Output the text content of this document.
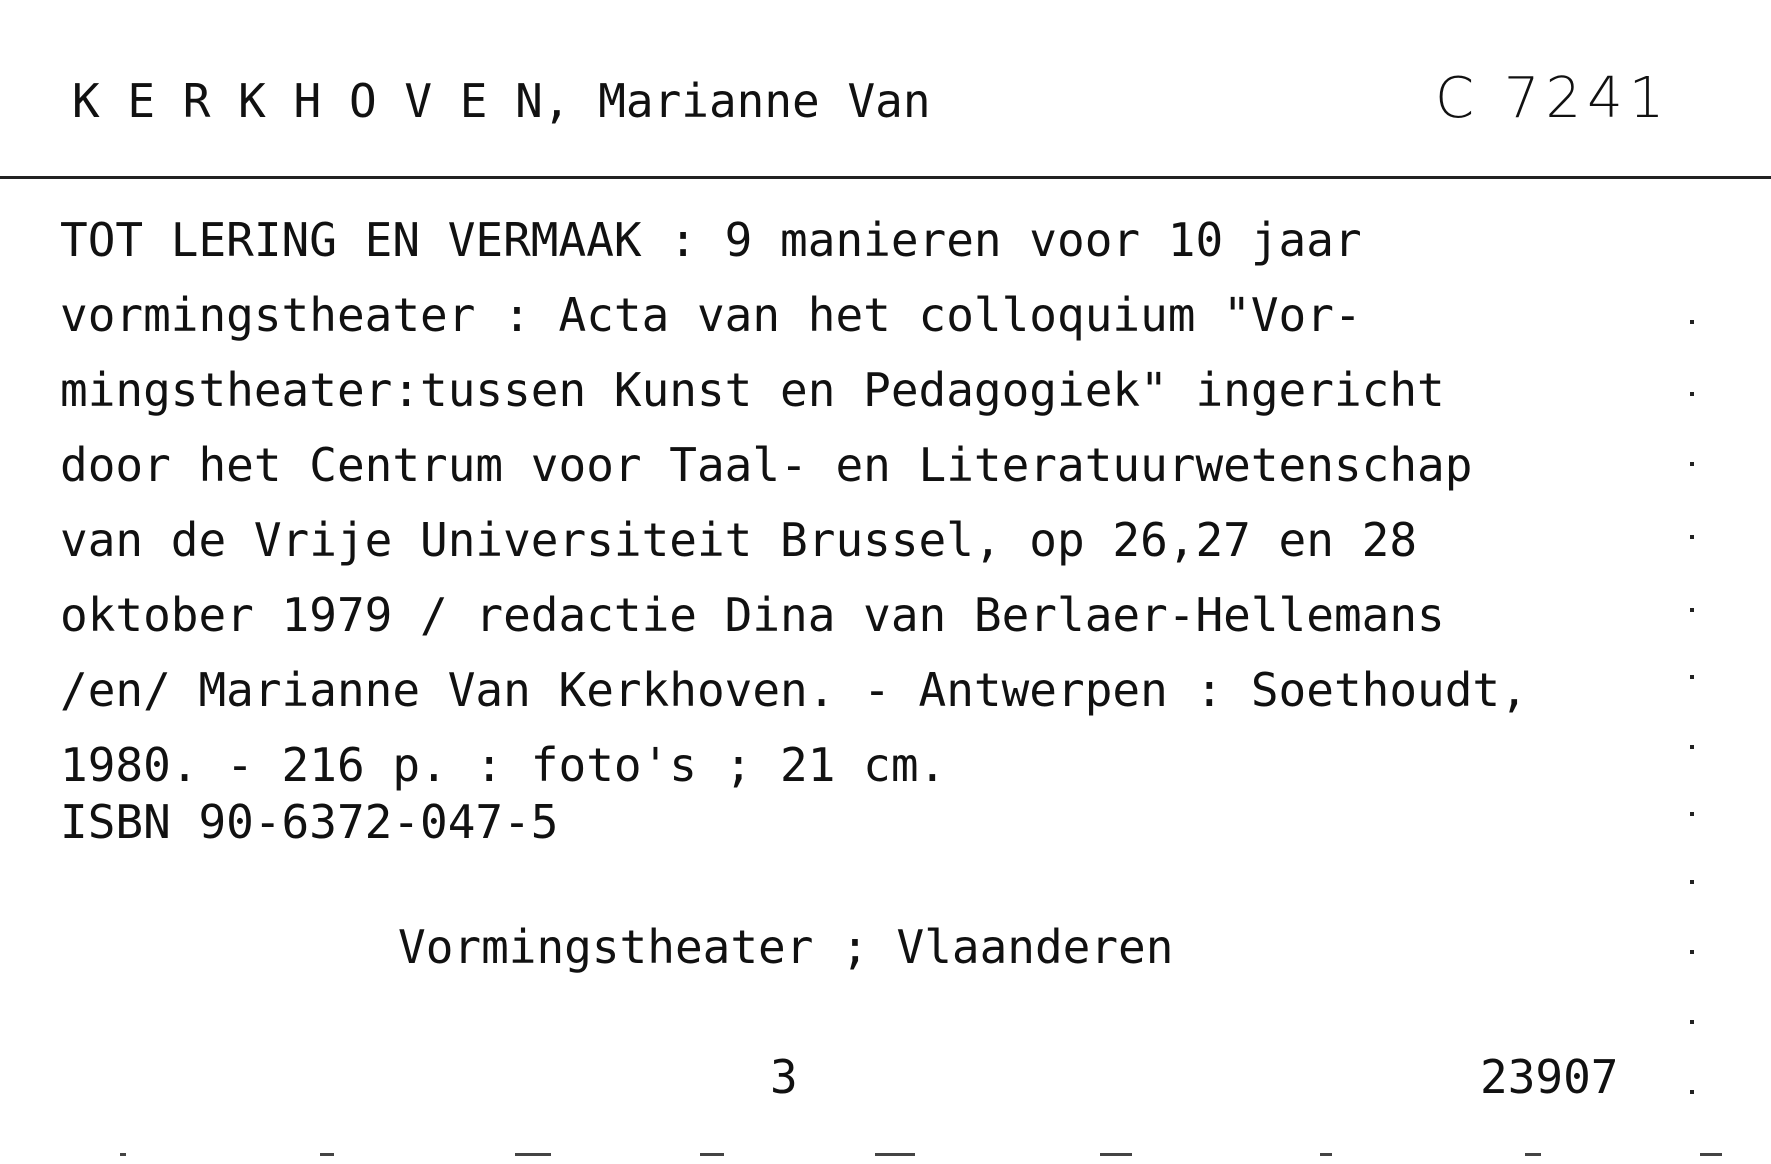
K E R K H O V E N, Marianne Van	C 7241
TOT LERING EN VERMAAK : 9 manieren voor 10 jaar
vormingstheater : Acta van het colloquium "Vor-
mingstheater:tussen Kunst en Pedagogiek" ingericht
door het Centrum voor Taal- en Literatuurwetenschap
van de Vrije Universiteit Brussel, op 26,27 en 28
oktober 1979 / redactie Dina van Berlaer-Hellemans
/en/ Marianne Van Kerkhoven. - Antwerpen : Soethoudt,
1980. - 216 p. : foto's ; 21 cm.
ISBN 90-6372-047-5
Vormingstheater ; Vlaanderen
3	23907
